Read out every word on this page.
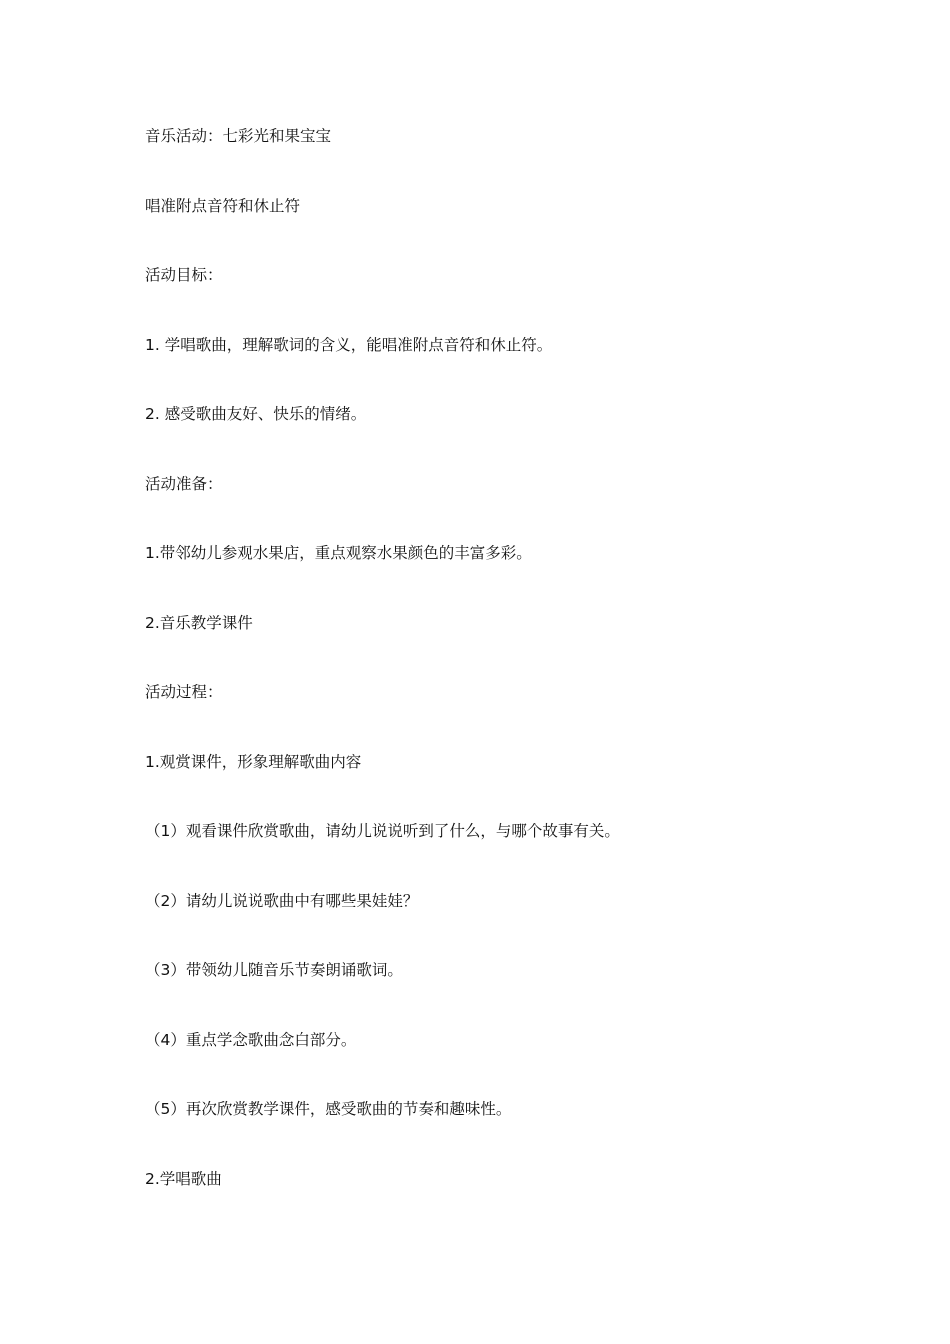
音乐活动：七彩光和果宝宝

唱准附点音符和休止符

活动目标：

1. 学唱歌曲，理解歌词的含义，能唱准附点音符和休止符。

2. 感受歌曲友好、快乐的情绪。

活动准备：

1.带邻幼儿参观水果店，重点观察水果颜色的丰富多彩。

2.音乐教学课件

活动过程：

1.观赏课件，形象理解歌曲内容

（1）观看课件欣赏歌曲，请幼儿说说听到了什么，与哪个故事有关。

（2）请幼儿说说歌曲中有哪些果娃娃？

（3）带领幼儿随音乐节奏朗诵歌词。

（4）重点学念歌曲念白部分。

（5）再次欣赏教学课件，感受歌曲的节奏和趣味性。

2.学唱歌曲
